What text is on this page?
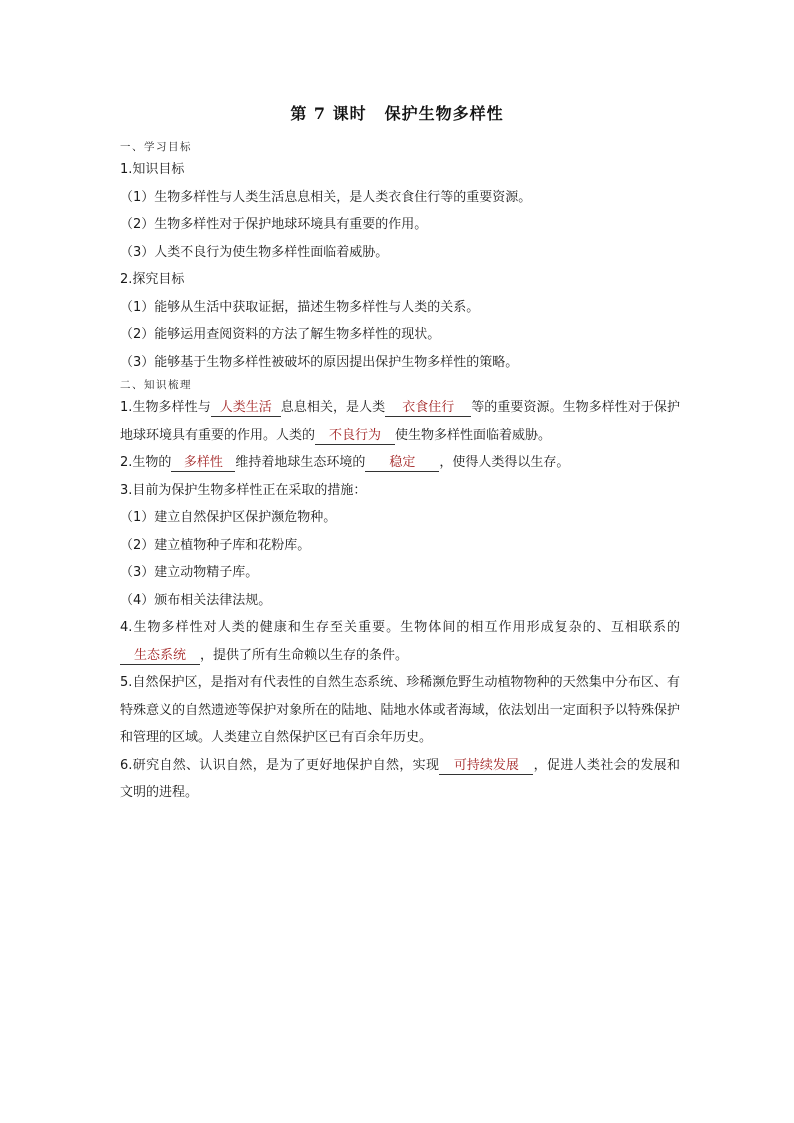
第 7 课时 保护生物多样性
一、学习目标
1.知识目标
（1）生物多样性与人类生活息息相关，是人类衣食住行等的重要资源。
（2）生物多样性对于保护地球环境具有重要的作用。
（3）人类不良行为使生物多样性面临着威胁。
2.探究目标
（1）能够从生活中获取证据，描述生物多样性与人类的关系。
（2）能够运用查阅资料的方法了解生物多样性的现状。
（3）能够基于生物多样性被破坏的原因提出保护生物多样性的策略。
二、知识梳理
1.生物多样性与 人类生活 息息相关，是人类 衣食住行 等的重要资源。生物多样性对于保护地球环境具有重要的作用。人类的 不良行为 使生物多样性面临着威胁。
2.生物的 多样性 维持着地球生态环境的 稳定 ，使得人类得以生存。
3.目前为保护生物多样性正在采取的措施：
（1）建立自然保护区保护濒危物种。
（2）建立植物种子库和花粉库。
（3）建立动物精子库。
（4）颁布相关法律法规。
4.生物多样性对人类的健康和生存至关重要。生物体间的相互作用形成复杂的、互相联系的生态系统 ，提供了所有生命赖以生存的条件。
5.自然保护区，是指对有代表性的自然生态系统、珍稀濒危野生动植物物种的天然集中分布区、有特殊意义的自然遗迹等保护对象所在的陆地、陆地水体或者海域，依法划出一定面积予以特殊保护和管理的区域。人类建立自然保护区已有百余年历史。
6.研究自然、认识自然，是为了更好地保护自然，实现 可持续发展 ，促进人类社会的发展和文明的进程。
